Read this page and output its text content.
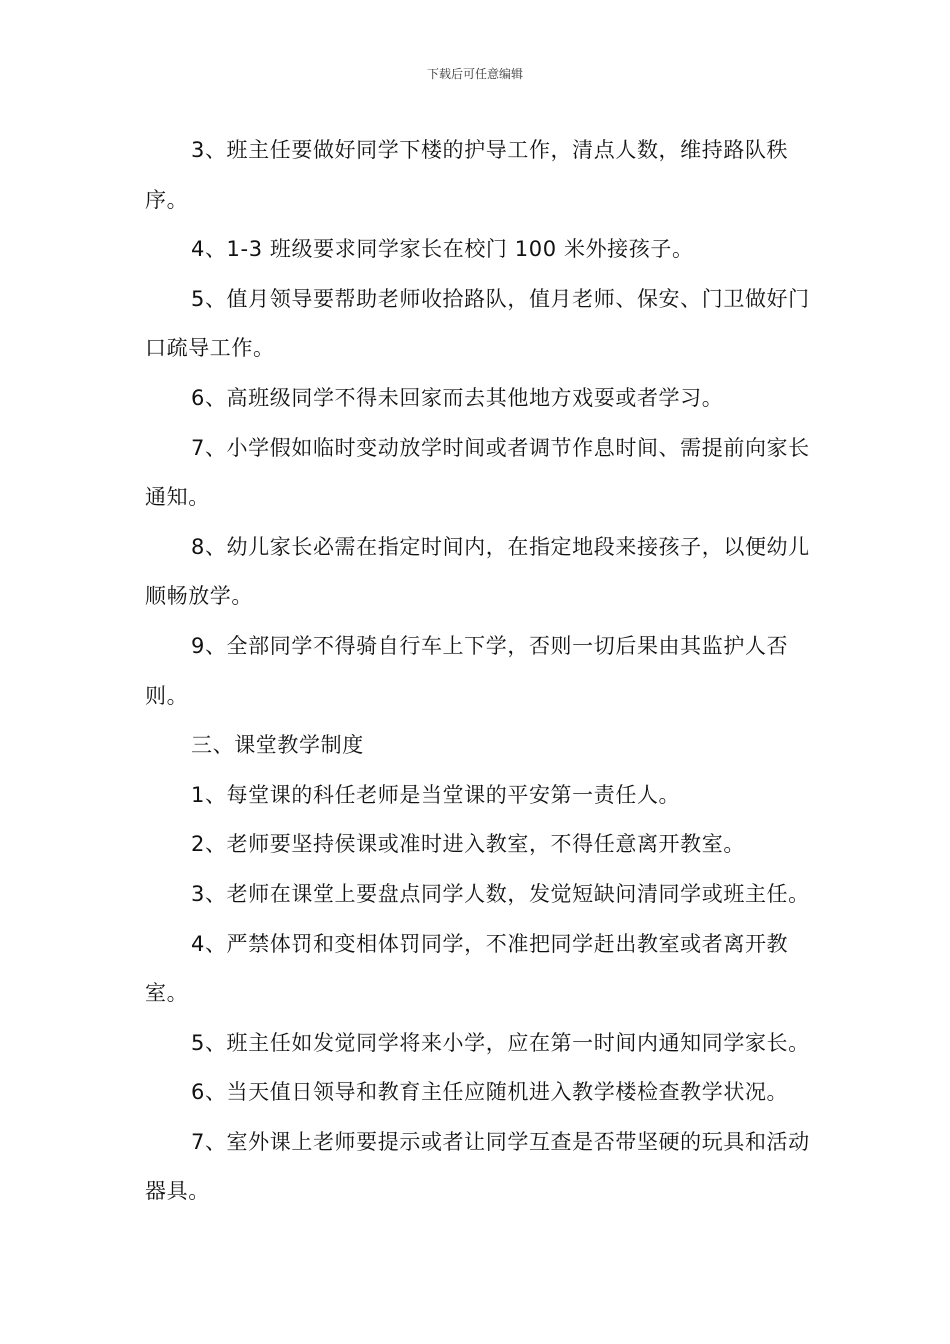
下载后可任意编辑

3、班主任要做好同学下楼的护导工作，清点人数，维持路队秩序。

4、1-3 班级要求同学家长在校门 100 米外接孩子。

5、值月领导要帮助老师收拾路队，值月老师、保安、门卫做好门口疏导工作。

6、高班级同学不得未回家而去其他地方戏耍或者学习。

7、小学假如临时变动放学时间或者调节作息时间、需提前向家长通知。

8、幼儿家长必需在指定时间内，在指定地段来接孩子，以便幼儿顺畅放学。

9、全部同学不得骑自行车上下学，否则一切后果由其监护人否则。

三、课堂教学制度

1、每堂课的科任老师是当堂课的平安第一责任人。

2、老师要坚持侯课或准时进入教室，不得任意离开教室。

3、老师在课堂上要盘点同学人数，发觉短缺问清同学或班主任。

4、严禁体罚和变相体罚同学，不准把同学赶出教室或者离开教室。

5、班主任如发觉同学将来小学，应在第一时间内通知同学家长。

6、当天值日领导和教育主任应随机进入教学楼检查教学状况。

7、室外课上老师要提示或者让同学互查是否带坚硬的玩具和活动器具。
